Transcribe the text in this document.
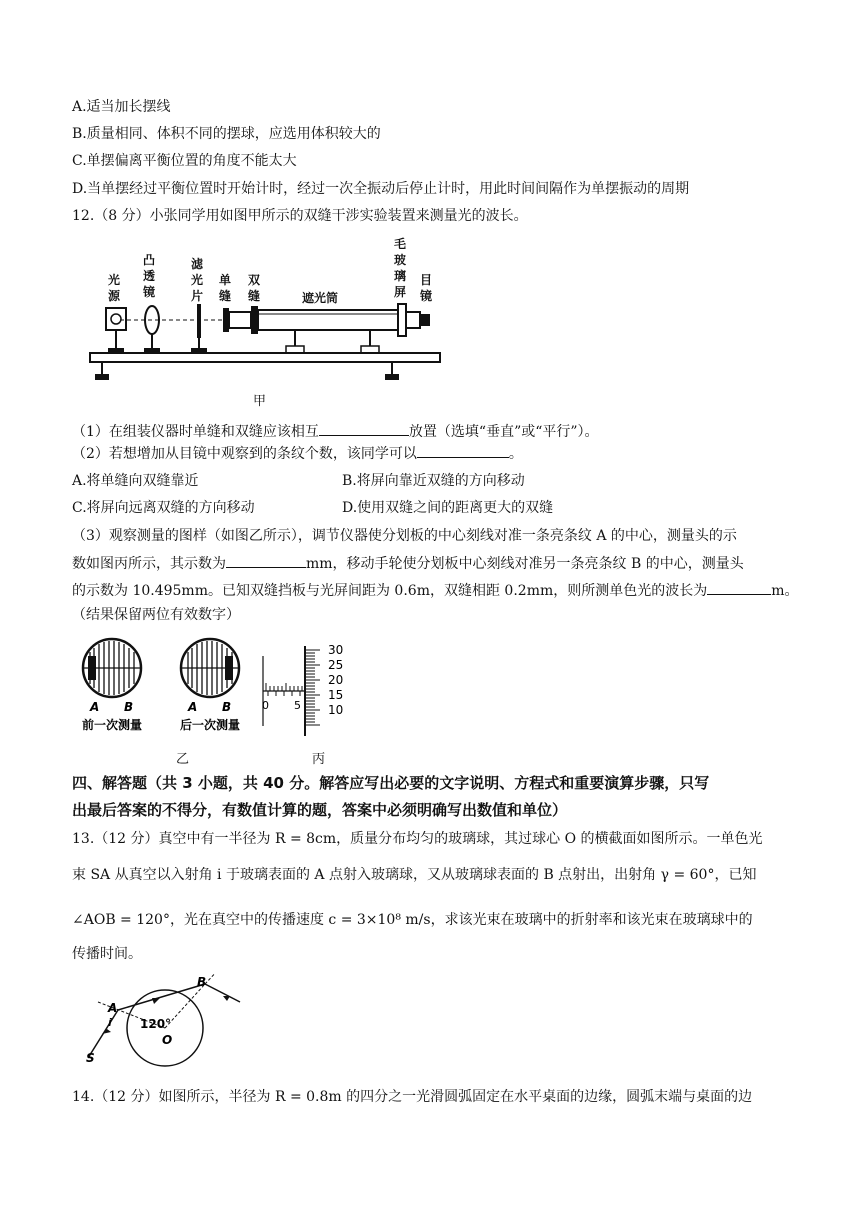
A.适当加长摆线
B.质量相同、体积不同的摆球，应选用体积较大的
C.单摆偏离平衡位置的角度不能太大
D.当单摆经过平衡位置时开始计时，经过一次全振动后停止计时，用此时间间隔作为单摆振动的周期
12.（8 分）小张同学用如图甲所示的双缝干涉实验装置来测量光的波长。
光
源
凸
透
镜
滤
光
片
单
缝
双
缝	遮光筒
毛
玻
璃
屏
目
镜
甲
（1）在组装仪器时单缝和双缝应该相互	放置（选填“垂直”或“平行”）。
（2）若想增加从目镜中观察到的条纹个数，该同学可以	。
A.将单缝向双缝靠近	B.将屏向靠近双缝的方向移动
C.将屏向远离双缝的方向移动	D.使用双缝之间的距离更大的双缝
（3）观察测量的图样（如图乙所示），调节仪器使分划板的中心刻线对准一条亮条纹 A 的中心，测量头的示
数如图丙所示，其示数为	mm，移动手轮使分划板中心刻线对准另一条亮条纹 B 的中心，测量头
的示数为 10.495mm。已知双缝挡板与光屏间距为 0.6m，双缝相距 0.2mm，则所测单色光的波长为	m。
（结果保留两位有效数字）
A B
前一次测量
A B
后一次测量
30
25
20
15
10
0 5
乙	丙
四、解答题（共 3 小题，共 40 分。解答应写出必要的文字说明、方程式和重要演算步骤，只写
出最后答案的不得分，有数值计算的题，答案中必须明确写出数值和单位）
13.（12 分）真空中有一半径为 R = 8cm，质量分布均匀的玻璃球，其过球心 O 的横截面如图所示。一单色光
束 SA 从真空以入射角 i 于玻璃表面的 A 点射入玻璃球，又从玻璃球表面的 B 点射出，出射角 γ = 60°，已知
∠AOB = 120°，光在真空中的传播速度 c = 3×10⁸ m/s，求该光束在玻璃中的折射率和该光束在玻璃球中的
传播时间。
A
B
O
120°
S
i
14.（12 分）如图所示，半径为 R = 0.8m 的四分之一光滑圆弧固定在水平桌面的边缘，圆弧末端与桌面的边
